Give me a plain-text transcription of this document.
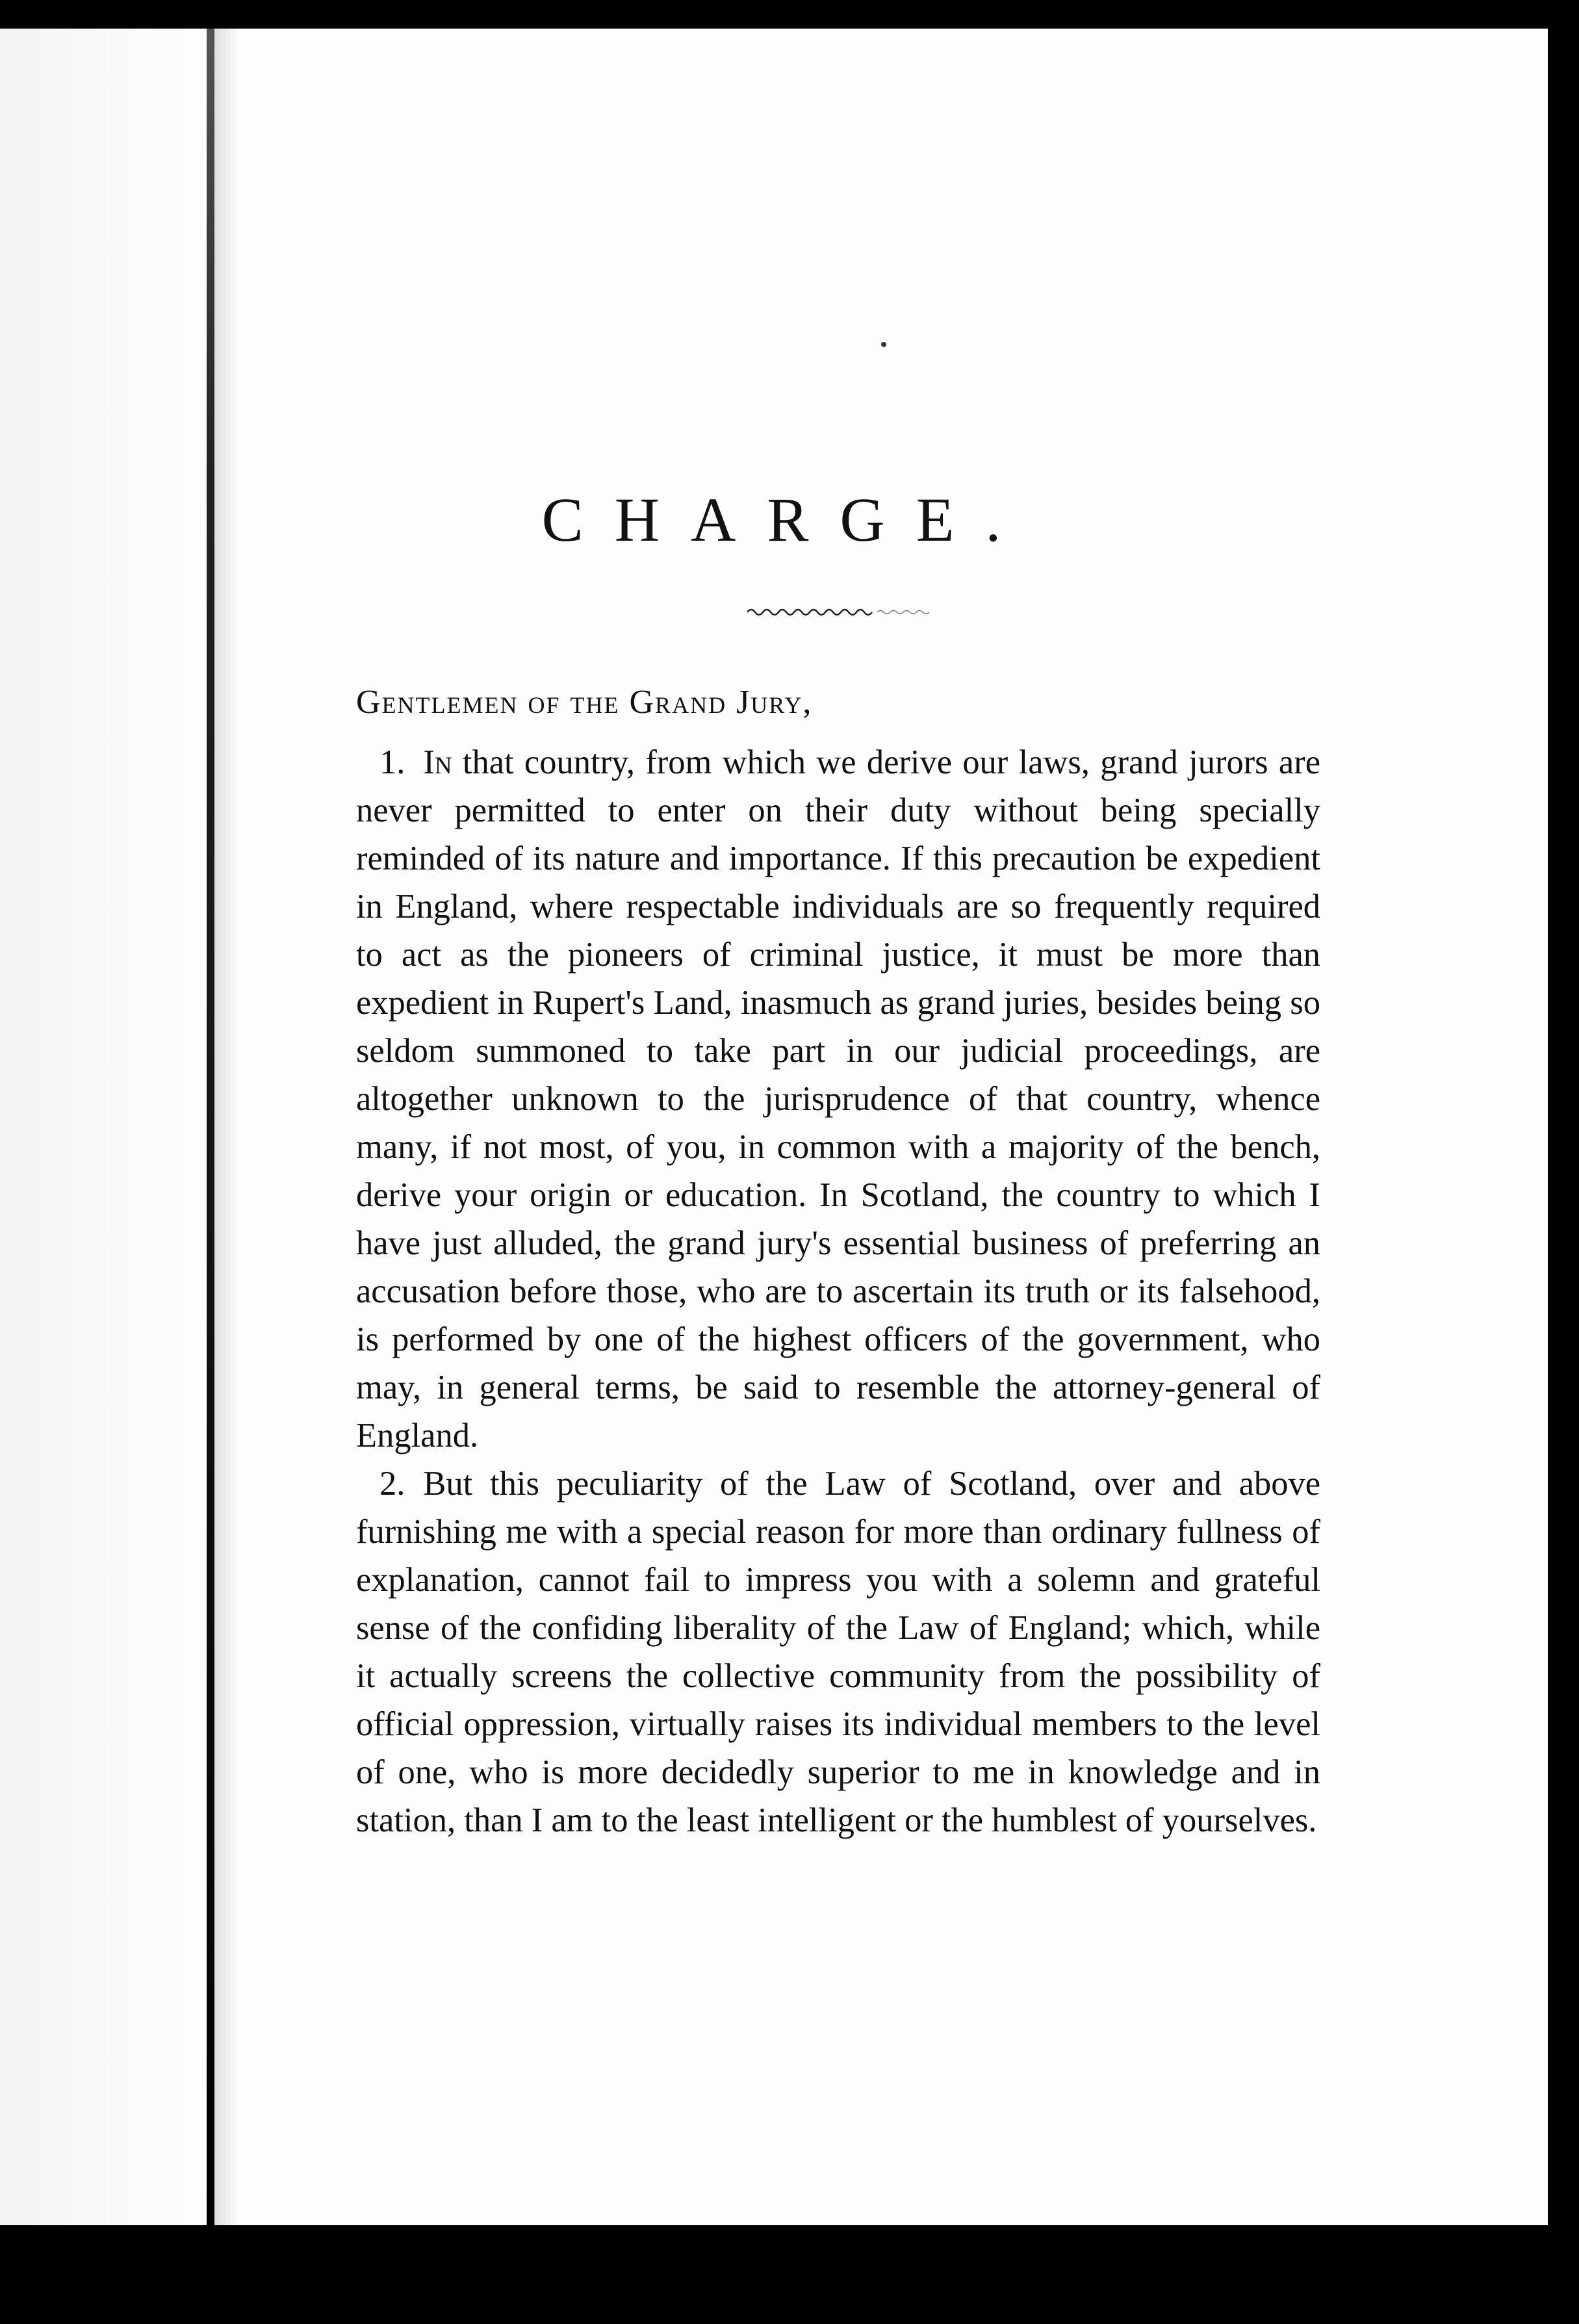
CHARGE.

Gentlemen of the Grand Jury,

1. In that country, from which we derive our laws, grand jurors are never permitted to enter on their duty without being specially reminded of its nature and importance. If this precaution be expedient in England, where respectable individuals are so frequently required to act as the pioneers of criminal justice, it must be more than expedient in Rupert's Land, inasmuch as grand juries, besides being so seldom summoned to take part in our judicial proceedings, are altogether unknown to the jurisprudence of that country, whence many, if not most, of you, in common with a majority of the bench, derive your origin or education. In Scotland, the country to which I have just alluded, the grand jury's essential business of preferring an accusation before those, who are to ascertain its truth or its falsehood, is performed by one of the highest officers of the government, who may, in general terms, be said to resemble the attorney-general of England.

2. But this peculiarity of the Law of Scotland, over and above furnishing me with a special reason for more than ordinary fullness of explanation, cannot fail to impress you with a solemn and grateful sense of the confiding liberality of the Law of England; which, while it actually screens the collective community from the possibility of official oppression, virtually raises its individual members to the level of one, who is more decidedly superior to me in knowledge and in station, than I am to the least intelligent or the humblest of yourselves.
